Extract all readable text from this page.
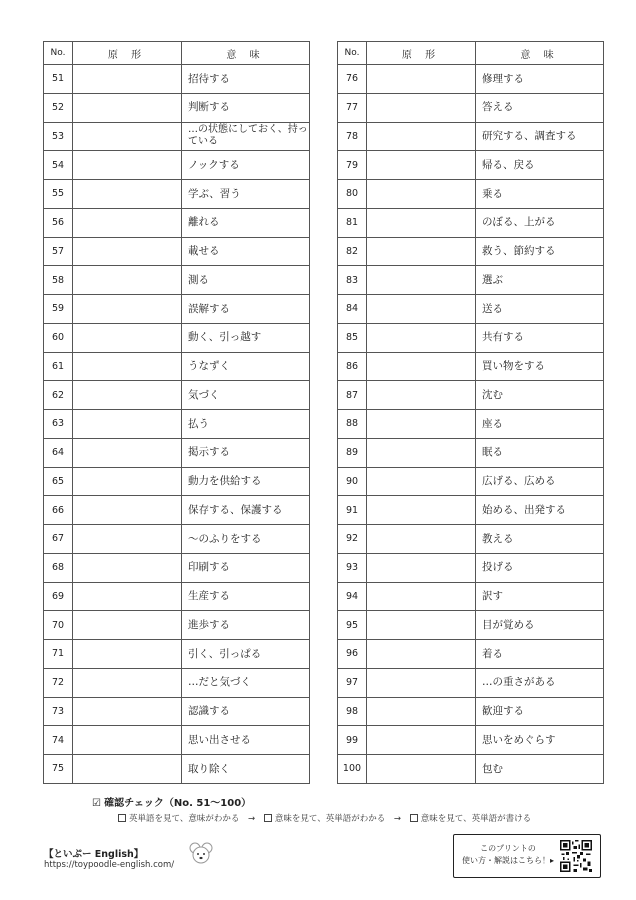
No.	原 形	意 味
51		招待する
52		判断する
53		…の状態にしておく、持っている
54		ノックする
55		学ぶ、習う
56		離れる
57		載せる
58		測る
59		誤解する
60		動く、引っ越す
61		うなずく
62		気づく
63		払う
64		掲示する
65		動力を供給する
66		保存する、保護する
67		～のふりをする
68		印刷する
69		生産する
70		進歩する
71		引く、引っぱる
72		…だと気づく
73		認識する
74		思い出させる
75		取り除く
No.	原 形	意 味
76		修理する
77		答える
78		研究する、調査する
79		帰る、戻る
80		乗る
81		のぼる、上がる
82		救う、節約する
83		選ぶ
84		送る
85		共有する
86		買い物をする
87		沈む
88		座る
89		眠る
90		広げる、広める
91		始める、出発する
92		教える
93		投げる
94		訳す
95		目が覚める
96		着る
97		…の重さがある
98		歓迎する
99		思いをめぐらす
100		包む
☑ 確認チェック（No. 51～100）
英単語を見て、意味がわかる → 意味を見て、英単語がわかる → 意味を見て、英単語が書ける
【といぷー English】
https://toypoodle-english.com/
このプリントの
使い方・解説はこちら！▸
